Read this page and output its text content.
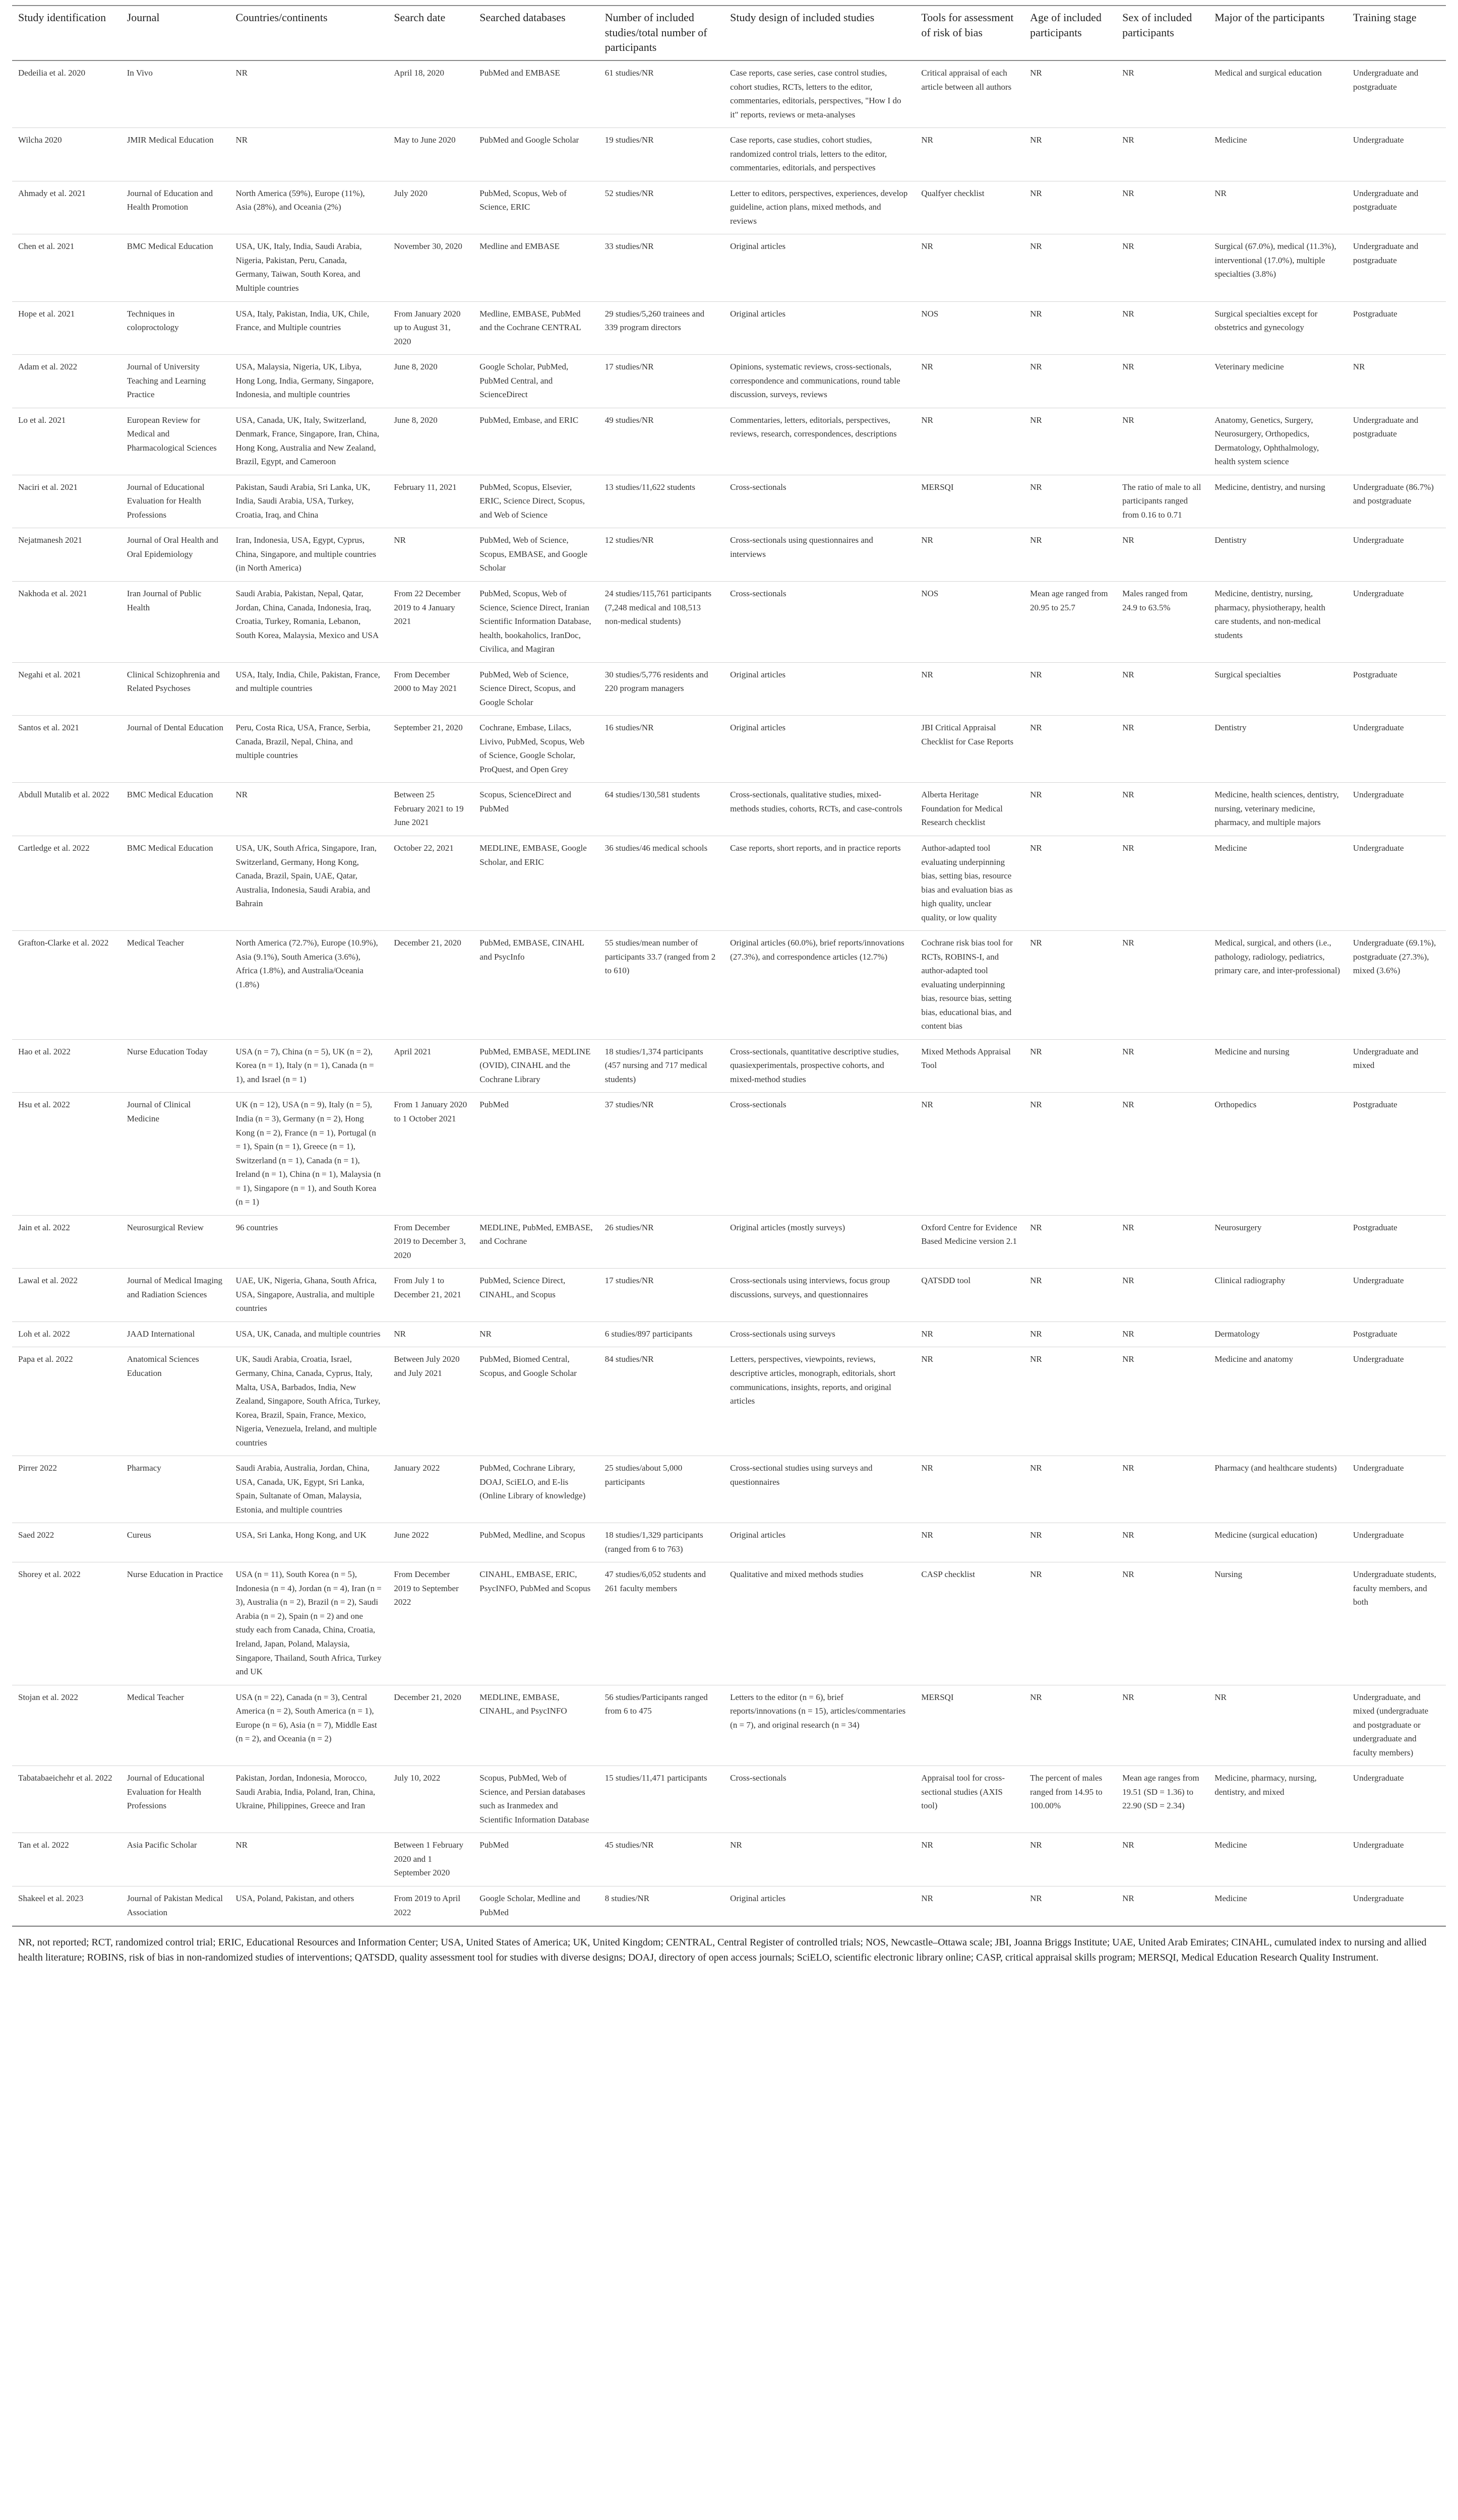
Study identification	Journal	Countries/continents	Search date	Searched databases	Number of included studies/total number of participants	Study design of included studies	Tools for assessment of risk of bias	Age of included participants	Sex of included participants	Major of the participants	Training stage
Dedeilia et al. 2020	In Vivo	NR	April 18, 2020	PubMed and EMBASE	61 studies/NR	Case reports, case series, case control studies, cohort studies, RCTs, letters to the editor, commentaries, editorials, perspectives, "How I do it" reports, reviews or meta-analyses	Critical appraisal of each article between all authors	NR	NR	Medical and surgical education	Undergraduate and postgraduate
Wilcha 2020	JMIR Medical Education	NR	May to June 2020	PubMed and Google Scholar	19 studies/NR	Case reports, case studies, cohort studies, randomized control trials, letters to the editor, commentaries, editorials, and perspectives	NR	NR	NR	Medicine	Undergraduate
Ahmady et al. 2021	Journal of Education and Health Promotion	North America (59%), Europe (11%), Asia (28%), and Oceania (2%)	July 2020	PubMed, Scopus, Web of Science, ERIC	52 studies/NR	Letter to editors, perspectives, experiences, develop guideline, action plans, mixed methods, and reviews	Qualfyer checklist	NR	NR	NR	Undergraduate and postgraduate
Chen et al. 2021	BMC Medical Education	USA, UK, Italy, India, Saudi Arabia, Nigeria, Pakistan, Peru, Canada, Germany, Taiwan, South Korea, and Multiple countries	November 30, 2020	Medline and EMBASE	33 studies/NR	Original articles	NR	NR	NR	Surgical (67.0%), medical (11.3%), interventional (17.0%), multiple specialties (3.8%)	Undergraduate and postgraduate
Hope et al. 2021	Techniques in coloproctology	USA, Italy, Pakistan, India, UK, Chile, France, and Multiple countries	From January 2020 up to August 31, 2020	Medline, EMBASE, PubMed and the Cochrane CENTRAL	29 studies/5,260 trainees and 339 program directors	Original articles	NOS	NR	NR	Surgical specialties except for obstetrics and gynecology	Postgraduate
Adam et al. 2022	Journal of University Teaching and Learning Practice	USA, Malaysia, Nigeria, UK, Libya, Hong Long, India, Germany, Singapore, Indonesia, and multiple countries	June 8, 2020	Google Scholar, PubMed, PubMed Central, and ScienceDirect	17 studies/NR	Opinions, systematic reviews, cross-sectionals, correspondence and communications, round table discussion, surveys, reviews	NR	NR	NR	Veterinary medicine	NR
Lo et al. 2021	European Review for Medical and Pharmacological Sciences	USA, Canada, UK, Italy, Switzerland, Denmark, France, Singapore, Iran, China, Hong Kong, Australia and New Zealand, Brazil, Egypt, and Cameroon	June 8, 2020	PubMed, Embase, and ERIC	49 studies/NR	Commentaries, letters, editorials, perspectives, reviews, research, correspondences, descriptions	NR	NR	NR	Anatomy, Genetics, Surgery, Neurosurgery, Orthopedics, Dermatology, Ophthalmology, health system science	Undergraduate and postgraduate
Naciri et al. 2021	Journal of Educational Evaluation for Health Professions	Pakistan, Saudi Arabia, Sri Lanka, UK, India, Saudi Arabia, USA, Turkey, Croatia, Iraq, and China	February 11, 2021	PubMed, Scopus, Elsevier, ERIC, Science Direct, Scopus, and Web of Science	13 studies/11,622 students	Cross-sectionals	MERSQI	NR	The ratio of male to all participants ranged from 0.16 to 0.71	Medicine, dentistry, and nursing	Undergraduate (86.7%) and postgraduate
Nejatmanesh 2021	Journal of Oral Health and Oral Epidemiology	Iran, Indonesia, USA, Egypt, Cyprus, China, Singapore, and multiple countries (in North America)	NR	PubMed, Web of Science, Scopus, EMBASE, and Google Scholar	12 studies/NR	Cross-sectionals using questionnaires and interviews	NR	NR	NR	Dentistry	Undergraduate
Nakhoda et al. 2021	Iran Journal of Public Health	Saudi Arabia, Pakistan, Nepal, Qatar, Jordan, China, Canada, Indonesia, Iraq, Croatia, Turkey, Romania, Lebanon, South Korea, Malaysia, Mexico and USA	From 22 December 2019 to 4 January 2021	PubMed, Scopus, Web of Science, Science Direct, Iranian Scientific Information Database, health, bookaholics, IranDoc, Civilica, and Magiran	24 studies/115,761 participants (7,248 medical and 108,513 non-medical students)	Cross-sectionals	NOS	Mean age ranged from 20.95 to 25.7	Males ranged from 24.9 to 63.5%	Medicine, dentistry, nursing, pharmacy, physiotherapy, health care students, and non-medical students	Undergraduate
Negahi et al. 2021	Clinical Schizophrenia and Related Psychoses	USA, Italy, India, Chile, Pakistan, France, and multiple countries	From December 2000 to May 2021	PubMed, Web of Science, Science Direct, Scopus, and Google Scholar	30 studies/5,776 residents and 220 program managers	Original articles	NR	NR	NR	Surgical specialties	Postgraduate
Santos et al. 2021	Journal of Dental Education	Peru, Costa Rica, USA, France, Serbia, Canada, Brazil, Nepal, China, and multiple countries	September 21, 2020	Cochrane, Embase, Lilacs, Livivo, PubMed, Scopus, Web of Science, Google Scholar, ProQuest, and Open Grey	16 studies/NR	Original articles	JBI Critical Appraisal Checklist for Case Reports	NR	NR	Dentistry	Undergraduate
Abdull Mutalib et al. 2022	BMC Medical Education	NR	Between 25 February 2021 to 19 June 2021	Scopus, ScienceDirect and PubMed	64 studies/130,581 students	Cross-sectionals, qualitative studies, mixed-methods studies, cohorts, RCTs, and case-controls	Alberta Heritage Foundation for Medical Research checklist	NR	NR	Medicine, health sciences, dentistry, nursing, veterinary medicine, pharmacy, and multiple majors	Undergraduate
Cartledge et al. 2022	BMC Medical Education	USA, UK, South Africa, Singapore, Iran, Switzerland, Germany, Hong Kong, Canada, Brazil, Spain, UAE, Qatar, Australia, Indonesia, Saudi Arabia, and Bahrain	October 22, 2021	MEDLINE, EMBASE, Google Scholar, and ERIC	36 studies/46 medical schools	Case reports, short reports, and in practice reports	Author-adapted tool evaluating underpinning bias, setting bias, resource bias and evaluation bias as high quality, unclear quality, or low quality	NR	NR	Medicine	Undergraduate
Grafton-Clarke et al. 2022	Medical Teacher	North America (72.7%), Europe (10.9%), Asia (9.1%), South America (3.6%), Africa (1.8%), and Australia/Oceania (1.8%)	December 21, 2020	PubMed, EMBASE, CINAHL and PsycInfo	55 studies/mean number of participants 33.7 (ranged from 2 to 610)	Original articles (60.0%), brief reports/innovations (27.3%), and correspondence articles (12.7%)	Cochrane risk bias tool for RCTs, ROBINS-I, and author-adapted tool evaluating underpinning bias, resource bias, setting bias, educational bias, and content bias	NR	NR	Medical, surgical, and others (i.e., pathology, radiology, pediatrics, primary care, and inter-professional)	Undergraduate (69.1%), postgraduate (27.3%), mixed (3.6%)
Hao et al. 2022	Nurse Education Today	USA (n = 7), China (n = 5), UK (n = 2), Korea (n = 1), Italy (n = 1), Canada (n = 1), and Israel (n = 1)	April 2021	PubMed, EMBASE, MEDLINE (OVID), CINAHL and the Cochrane Library	18 studies/1,374 participants (457 nursing and 717 medical students)	Cross-sectionals, quantitative descriptive studies, quasiexperimentals, prospective cohorts, and mixed-method studies	Mixed Methods Appraisal Tool	NR	NR	Medicine and nursing	Undergraduate and mixed
Hsu et al. 2022	Journal of Clinical Medicine	UK (n = 12), USA (n = 9), Italy (n = 5), India (n = 3), Germany (n = 2), Hong Kong (n = 2), France (n = 1), Portugal (n = 1), Spain (n = 1), Greece (n = 1), Switzerland (n = 1), Canada (n = 1), Ireland (n = 1), China (n = 1), Malaysia (n = 1), Singapore (n = 1), and South Korea (n = 1)	From 1 January 2020 to 1 October 2021	PubMed	37 studies/NR	Cross-sectionals	NR	NR	NR	Orthopedics	Postgraduate
Jain et al. 2022	Neurosurgical Review	96 countries	From December 2019 to December 3, 2020	MEDLINE, PubMed, EMBASE, and Cochrane	26 studies/NR	Original articles (mostly surveys)	Oxford Centre for Evidence Based Medicine version 2.1	NR	NR	Neurosurgery	Postgraduate
Lawal et al. 2022	Journal of Medical Imaging and Radiation Sciences	UAE, UK, Nigeria, Ghana, South Africa, USA, Singapore, Australia, and multiple countries	From July 1 to December 21, 2021	PubMed, Science Direct, CINAHL, and Scopus	17 studies/NR	Cross-sectionals using interviews, focus group discussions, surveys, and questionnaires	QATSDD tool	NR	NR	Clinical radiography	Undergraduate
Loh et al. 2022	JAAD International	USA, UK, Canada, and multiple countries	NR	NR	6 studies/897 participants	Cross-sectionals using surveys	NR	NR	NR	Dermatology	Postgraduate
Papa et al. 2022	Anatomical Sciences Education	UK, Saudi Arabia, Croatia, Israel, Germany, China, Canada, Cyprus, Italy, Malta, USA, Barbados, India, New Zealand, Singapore, South Africa, Turkey, Korea, Brazil, Spain, France, Mexico, Nigeria, Venezuela, Ireland, and multiple countries	Between July 2020 and July 2021	PubMed, Biomed Central, Scopus, and Google Scholar	84 studies/NR	Letters, perspectives, viewpoints, reviews, descriptive articles, monograph, editorials, short communications, insights, reports, and original articles	NR	NR	NR	Medicine and anatomy	Undergraduate
Pirrer 2022	Pharmacy	Saudi Arabia, Australia, Jordan, China, USA, Canada, UK, Egypt, Sri Lanka, Spain, Sultanate of Oman, Malaysia, Estonia, and multiple countries	January 2022	PubMed, Cochrane Library, DOAJ, SciELO, and E-lis (Online Library of knowledge)	25 studies/about 5,000 participants	Cross-sectional studies using surveys and questionnaires	NR	NR	NR	Pharmacy (and healthcare students)	Undergraduate
Saed 2022	Cureus	USA, Sri Lanka, Hong Kong, and UK	June 2022	PubMed, Medline, and Scopus	18 studies/1,329 participants (ranged from 6 to 763)	Original articles	NR	NR	NR	Medicine (surgical education)	Undergraduate
Shorey et al. 2022	Nurse Education in Practice	USA (n = 11), South Korea (n = 5), Indonesia (n = 4), Jordan (n = 4), Iran (n = 3), Australia (n = 2), Brazil (n = 2), Saudi Arabia (n = 2), Spain (n = 2) and one study each from Canada, China, Croatia, Ireland, Japan, Poland, Malaysia, Singapore, Thailand, South Africa, Turkey and UK	From December 2019 to September 2022	CINAHL, EMBASE, ERIC, PsycINFO, PubMed and Scopus	47 studies/6,052 students and 261 faculty members	Qualitative and mixed methods studies	CASP checklist	NR	NR	Nursing	Undergraduate students, faculty members, and both
Stojan et al. 2022	Medical Teacher	USA (n = 22), Canada (n = 3), Central America (n = 2), South America (n = 1), Europe (n = 6), Asia (n = 7), Middle East (n = 2), and Oceania (n = 2)	December 21, 2020	MEDLINE, EMBASE, CINAHL, and PsycINFO	56 studies/Participants ranged from 6 to 475	Letters to the editor (n = 6), brief reports/innovations (n = 15), articles/commentaries (n = 7), and original research (n = 34)	MERSQI	NR	NR	NR	Undergraduate, and mixed (undergraduate and postgraduate or undergraduate and faculty members)
Tabatabaeichehr et al. 2022	Journal of Educational Evaluation for Health Professions	Pakistan, Jordan, Indonesia, Morocco, Saudi Arabia, India, Poland, Iran, China, Ukraine, Philippines, Greece and Iran	July 10, 2022	Scopus, PubMed, Web of Science, and Persian databases such as Iranmedex and Scientific Information Database	15 studies/11,471 participants	Cross-sectionals	Appraisal tool for cross-sectional studies (AXIS tool)	The percent of males ranged from 14.95 to 100.00%	Mean age ranges from 19.51 (SD = 1.36) to 22.90 (SD = 2.34)	Medicine, pharmacy, nursing, dentistry, and mixed	Undergraduate
Tan et al. 2022	Asia Pacific Scholar	NR	Between 1 February 2020 and 1 September 2020	PubMed	45 studies/NR	NR	NR	NR	NR	Medicine	Undergraduate
Shakeel et al. 2023	Journal of Pakistan Medical Association	USA, Poland, Pakistan, and others	From 2019 to April 2022	Google Scholar, Medline and PubMed	8 studies/NR	Original articles	NR	NR	NR	Medicine	Undergraduate
NR, not reported; RCT, randomized control trial; ERIC, Educational Resources and Information Center; USA, United States of America; UK, United Kingdom; CENTRAL, Central Register of controlled trials; NOS, Newcastle–Ottawa scale; JBI, Joanna Briggs Institute; UAE, United Arab Emirates; CINAHL, cumulated index to nursing and allied health literature; ROBINS, risk of bias in non-randomized studies of interventions; QATSDD, quality assessment tool for studies with diverse designs; DOAJ, directory of open access journals; SciELO, scientific electronic library online; CASP, critical appraisal skills program; MERSQI, Medical Education Research Quality Instrument.
